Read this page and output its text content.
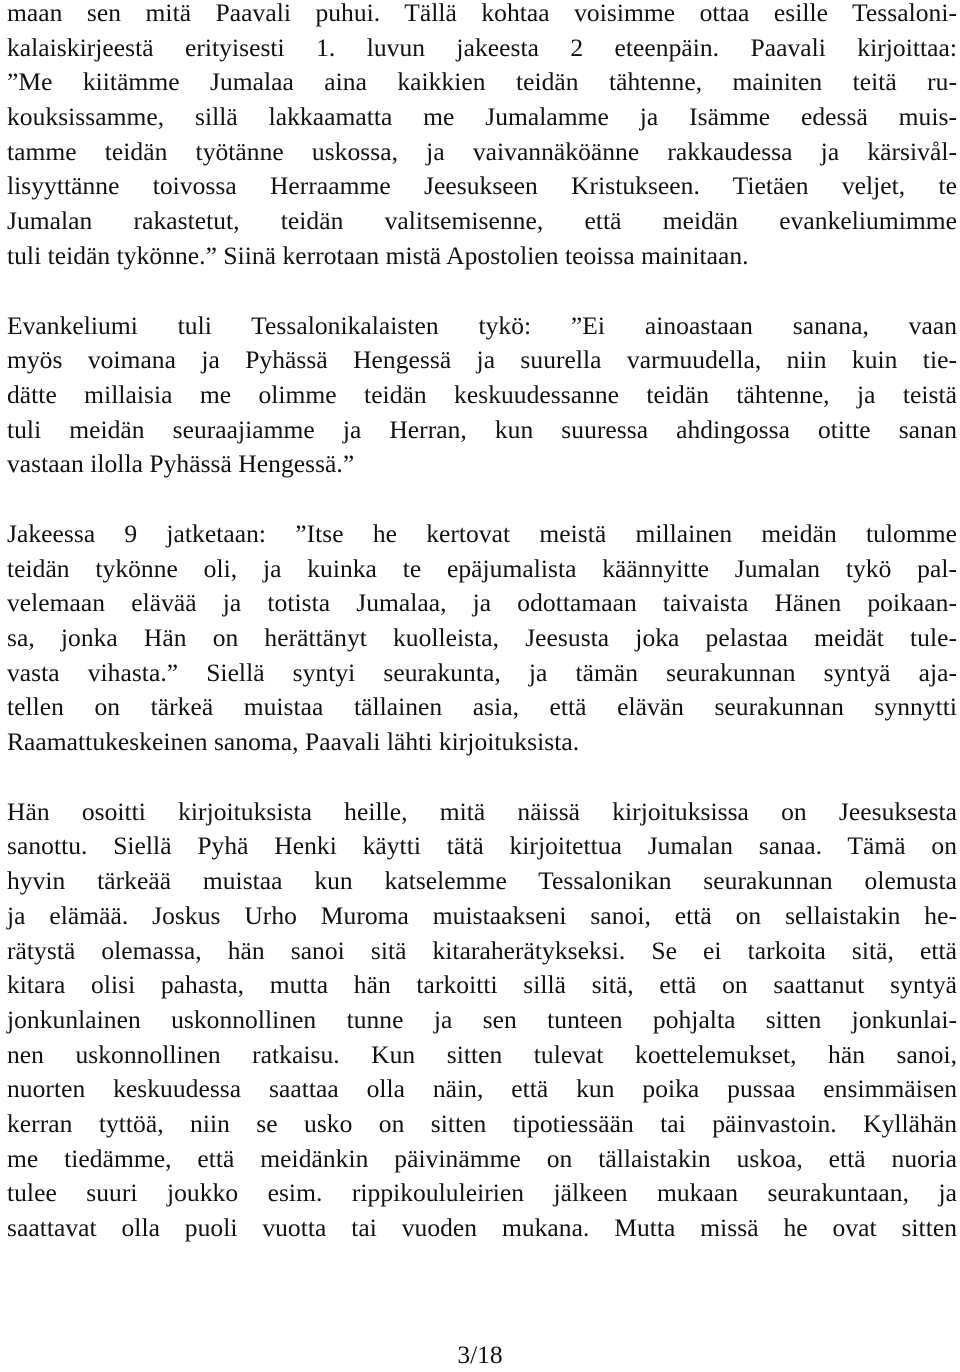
maan sen mitä Paavali puhui. Tällä kohtaa voisimme ottaa esille Tessaloni-
kalaiskirjeestä erityisesti 1. luvun jakeesta 2 eteenpäin. Paavali kirjoittaa:
”Me kiitämme Jumalaa aina kaikkien teidän tähtenne, mainiten teitä ru-
kouksissamme, sillä lakkaamatta me Jumalamme ja Isämme edessä muis-
tamme teidän työtänne uskossa, ja vaivannäköänne rakkaudessa ja kärsivål-
lisyyttänne toivossa Herraamme Jeesukseen Kristukseen. Tietäen veljet, te
Jumalan rakastetut, teidän valitsemisenne, että meidän evankeliumimme
tuli teidän tykönne.” Siinä kerrotaan mistä Apostolien teoissa mainitaan.
Evankeliumi tuli Tessalonikalaisten tykö: ”Ei ainoastaan sanana, vaan
myös voimana ja Pyhässä Hengessä ja suurella varmuudella, niin kuin tie-
dätte millaisia me olimme teidän keskuudessanne teidän tähtenne, ja teistä
tuli meidän seuraajiamme ja Herran, kun suuressa ahdingossa otitte sanan
vastaan ilolla Pyhässä Hengessä.”
Jakeessa 9 jatketaan: ”Itse he kertovat meistä millainen meidän tulomme
teidän tykönne oli, ja kuinka te epäjumalista käännyitte Jumalan tykö pal-
velemaan elävää ja totista Jumalaa, ja odottamaan taivaista Hänen poikaan-
sa, jonka Hän on herättänyt kuolleista, Jeesusta joka pelastaa meidät tule-
vasta vihasta.” Siellä syntyi seurakunta, ja tämän seurakunnan syntyä aja-
tellen on tärkeä muistaa tällainen asia, että elävän seurakunnan synnytti
Raamattukeskeinen sanoma, Paavali lähti kirjoituksista.
Hän osoitti kirjoituksista heille, mitä näissä kirjoituksissa on Jeesuksesta
sanottu. Siellä Pyhä Henki käytti tätä kirjoitettua Jumalan sanaa. Tämä on
hyvin tärkeää muistaa kun katselemme Tessalonikan seurakunnan olemusta
ja elämää. Joskus Urho Muroma muistaakseni sanoi, että on sellaistakin he-
rätystä olemassa, hän sanoi sitä kitaraherätykseksi. Se ei tarkoita sitä, että
kitara olisi pahasta, mutta hän tarkoitti sillä sitä, että on saattanut syntyä
jonkunlainen uskonnollinen tunne ja sen tunteen pohjalta sitten jonkunlai-
nen uskonnollinen ratkaisu. Kun sitten tulevat koettelemukset, hän sanoi,
nuorten keskuudessa saattaa olla näin, että kun poika pussaa ensimmäisen
kerran tyttöä, niin se usko on sitten tipotiessään tai päinvastoin. Kyllähän
me tiedämme, että meidänkin päivinämme on tällaistakin uskoa, että nuoria
tulee suuri joukko esim. rippikoululeirien jälkeen mukaan seurakuntaan, ja
saattavat olla puoli vuotta tai vuoden mukana. Mutta missä he ovat sitten
3/18
